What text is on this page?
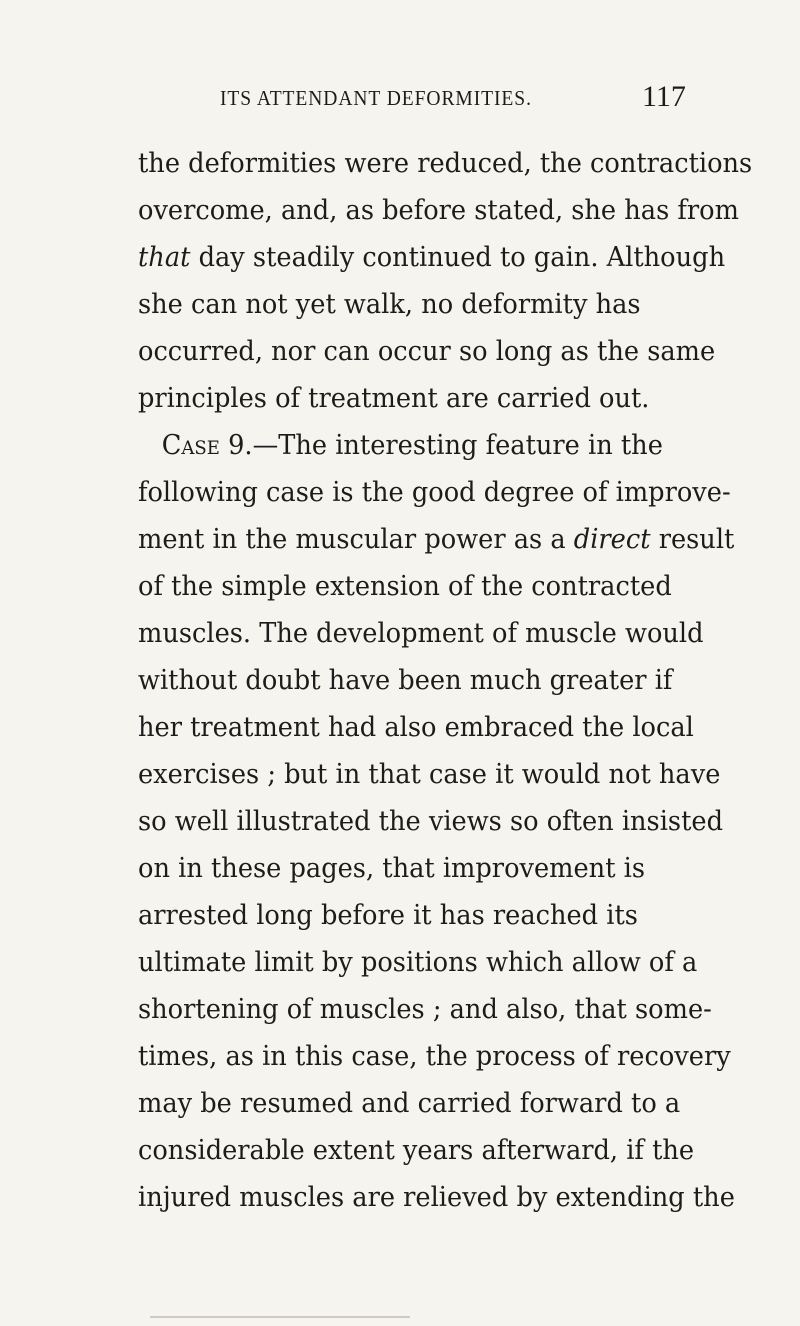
ITS ATTENDANT DEFORMITIES.	117
the deformities were reduced, the contractions
overcome, and, as before stated, she has from
that day steadily continued to gain. Although
she can not yet walk, no deformity has
occurred, nor can occur so long as the same
principles of treatment are carried out.
Case 9.—The interesting feature in the
following case is the good degree of improve-
ment in the muscular power as a direct result
of the simple extension of the contracted
muscles. The development of muscle would
without doubt have been much greater if
her treatment had also embraced the local
exercises ; but in that case it would not have
so well illustrated the views so often insisted
on in these pages, that improvement is
arrested long before it has reached its
ultimate limit by positions which allow of a
shortening of muscles ; and also, that some-
times, as in this case, the process of recovery
may be resumed and carried forward to a
considerable extent years afterward, if the
injured muscles are relieved by extending the
